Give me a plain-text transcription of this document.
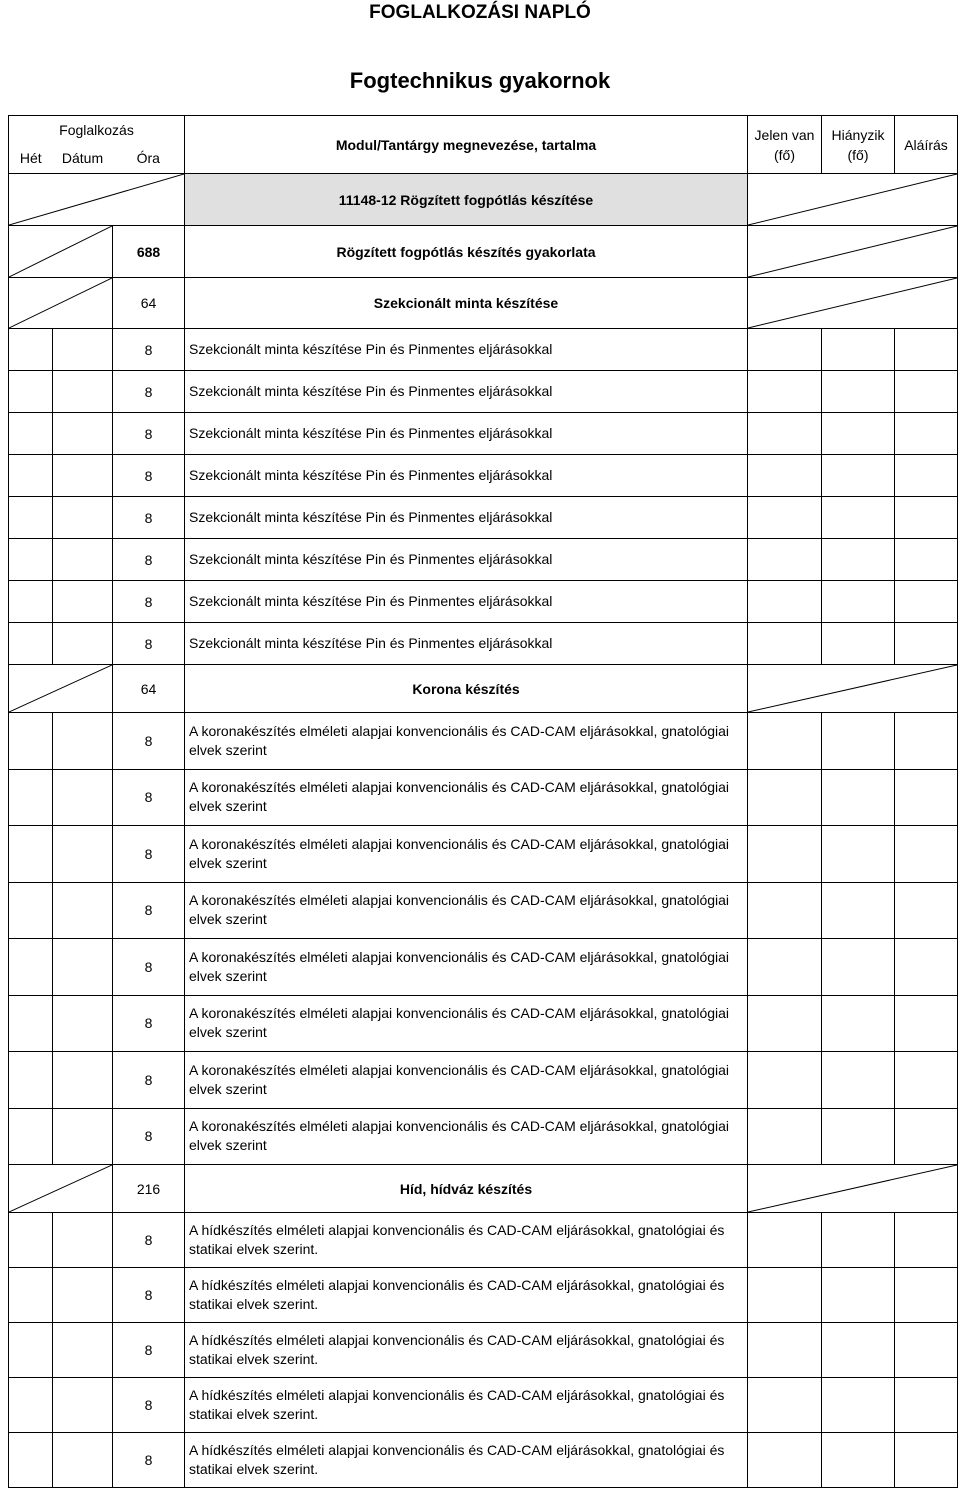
FOGLALKOZÁSI NAPLÓ
Fogtechnikus gyakornok
Foglalkozás			Modul/Tantárgy megnevezése, tartalma	Jelen van (fő)	Hiányzik (fő)	Aláírás
Hét	Dátum	Óra				

	11148-12 Rögzített fogpótlás készítése	

	688	Rögzített fogpótlás készítés gyakorlata	

	64	Szekcionált minta készítése	

		8	Szekcionált minta készítése Pin és Pinmentes eljárásokkal			
		8	Szekcionált minta készítése Pin és Pinmentes eljárásokkal			
		8	Szekcionált minta készítése Pin és Pinmentes eljárásokkal			
		8	Szekcionált minta készítése Pin és Pinmentes eljárásokkal			
		8	Szekcionált minta készítése Pin és Pinmentes eljárásokkal			
		8	Szekcionált minta készítése Pin és Pinmentes eljárásokkal			
		8	Szekcionált minta készítése Pin és Pinmentes eljárásokkal			
		8	Szekcionált minta készítése Pin és Pinmentes eljárásokkal			

	64	Korona készítés	

		8	A koronakészítés elméleti alapjai konvencionális és CAD-CAM eljárásokkal, gnatológiai elvek szerint			
		8	A koronakészítés elméleti alapjai konvencionális és CAD-CAM eljárásokkal, gnatológiai elvek szerint			
		8	A koronakészítés elméleti alapjai konvencionális és CAD-CAM eljárásokkal, gnatológiai elvek szerint			
		8	A koronakészítés elméleti alapjai konvencionális és CAD-CAM eljárásokkal, gnatológiai elvek szerint			
		8	A koronakészítés elméleti alapjai konvencionális és CAD-CAM eljárásokkal, gnatológiai elvek szerint			
		8	A koronakészítés elméleti alapjai konvencionális és CAD-CAM eljárásokkal, gnatológiai elvek szerint			
		8	A koronakészítés elméleti alapjai konvencionális és CAD-CAM eljárásokkal, gnatológiai elvek szerint			
		8	A koronakészítés elméleti alapjai konvencionális és CAD-CAM eljárásokkal, gnatológiai elvek szerint			

	216	Híd, hídváz készítés	

		8	A hídkészítés elméleti alapjai konvencionális és CAD-CAM eljárásokkal, gnatológiai és statikai elvek szerint.			
		8	A hídkészítés elméleti alapjai konvencionális és CAD-CAM eljárásokkal, gnatológiai és statikai elvek szerint.			
		8	A hídkészítés elméleti alapjai konvencionális és CAD-CAM eljárásokkal, gnatológiai és statikai elvek szerint.			
		8	A hídkészítés elméleti alapjai konvencionális és CAD-CAM eljárásokkal, gnatológiai és statikai elvek szerint.			
		8	A hídkészítés elméleti alapjai konvencionális és CAD-CAM eljárásokkal, gnatológiai és statikai elvek szerint.			
